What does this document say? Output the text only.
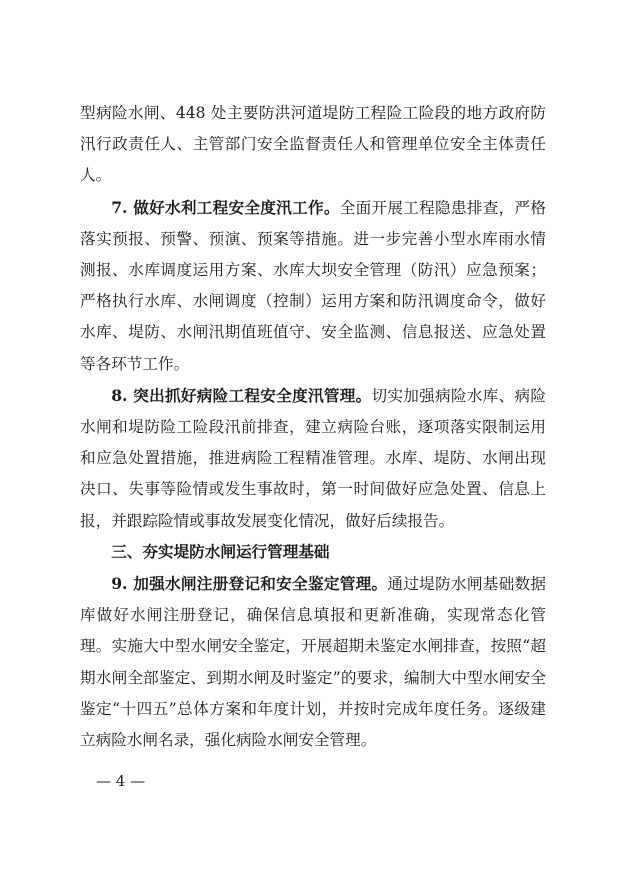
型病险水闸、448 处主要防洪河道堤防工程险工险段的地方政府防汛行政责任人、主管部门安全监督责任人和管理单位安全主体责任人。

7. 做好水利工程安全度汛工作。全面开展工程隐患排查，严格落实预报、预警、预演、预案等措施。进一步完善小型水库雨水情测报、水库调度运用方案、水库大坝安全管理（防汛）应急预案；严格执行水库、水闸调度（控制）运用方案和防汛调度命令，做好水库、堤防、水闸汛期值班值守、安全监测、信息报送、应急处置等各环节工作。

8. 突出抓好病险工程安全度汛管理。切实加强病险水库、病险水闸和堤防险工险段汛前排查，建立病险台账，逐项落实限制运用和应急处置措施，推进病险工程精准管理。水库、堤防、水闸出现决口、失事等险情或发生事故时，第一时间做好应急处置、信息上报，并跟踪险情或事故发展变化情况，做好后续报告。

三、夯实堤防水闸运行管理基础

9. 加强水闸注册登记和安全鉴定管理。通过堤防水闸基础数据库做好水闸注册登记，确保信息填报和更新准确，实现常态化管理。实施大中型水闸安全鉴定，开展超期未鉴定水闸排查，按照“超期水闸全部鉴定、到期水闸及时鉴定”的要求，编制大中型水闸安全鉴定“十四五”总体方案和年度计划，并按时完成年度任务。逐级建立病险水闸名录，强化病险水闸安全管理。

— 4 —
